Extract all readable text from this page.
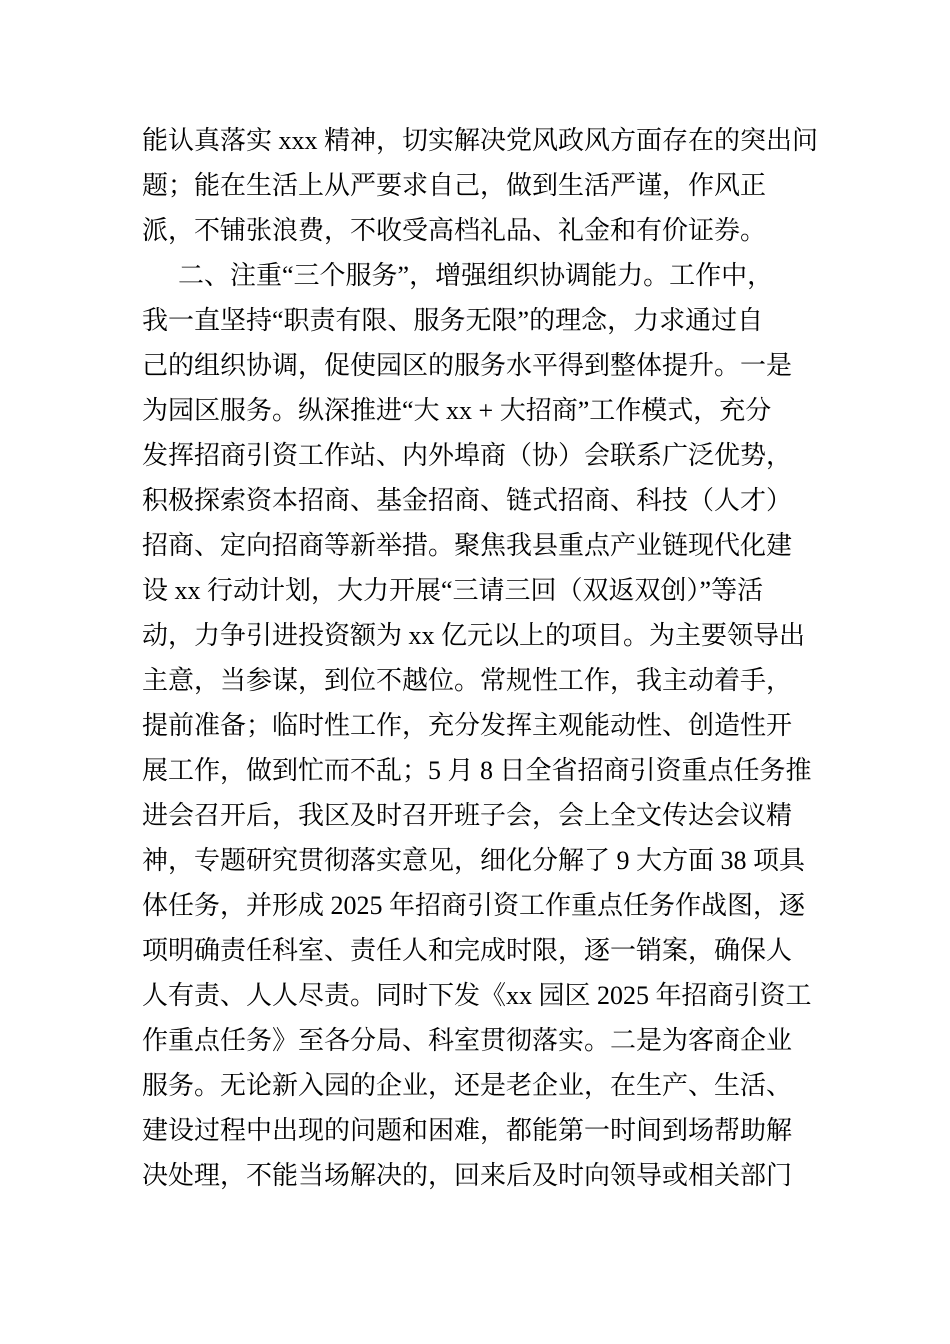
能认真落实 xxx 精神，切实解决党风政风方面存在的突出问
题；能在生活上从严要求自己，做到生活严谨，作风正
派，不铺张浪费，不收受高档礼品、礼金和有价证券。
二、注重“三个服务”，增强组织协调能力。工作中，
我一直坚持“职责有限、服务无限”的理念，力求通过自
己的组织协调，促使园区的服务水平得到整体提升。一是
为园区服务。纵深推进“大 xx + 大招商”工作模式，充分
发挥招商引资工作站、内外埠商（协）会联系广泛优势，
积极探索资本招商、基金招商、链式招商、科技（人才）
招商、定向招商等新举措。聚焦我县重点产业链现代化建
设 xx 行动计划，大力开展“三请三回（双返双创）”等活
动，力争引进投资额为 xx 亿元以上的项目。为主要领导出
主意，当参谋，到位不越位。常规性工作，我主动着手，
提前准备；临时性工作，充分发挥主观能动性、创造性开
展工作，做到忙而不乱；5 月 8 日全省招商引资重点任务推
进会召开后，我区及时召开班子会，会上全文传达会议精
神，专题研究贯彻落实意见，细化分解了 9 大方面 38 项具
体任务，并形成 2025 年招商引资工作重点任务作战图，逐
项明确责任科室、责任人和完成时限，逐一销案，确保人
人有责、人人尽责。同时下发《xx 园区 2025 年招商引资工
作重点任务》至各分局、科室贯彻落实。二是为客商企业
服务。无论新入园的企业，还是老企业，在生产、生活、
建设过程中出现的问题和困难，都能第一时间到场帮助解
决处理，不能当场解决的，回来后及时向领导或相关部门
